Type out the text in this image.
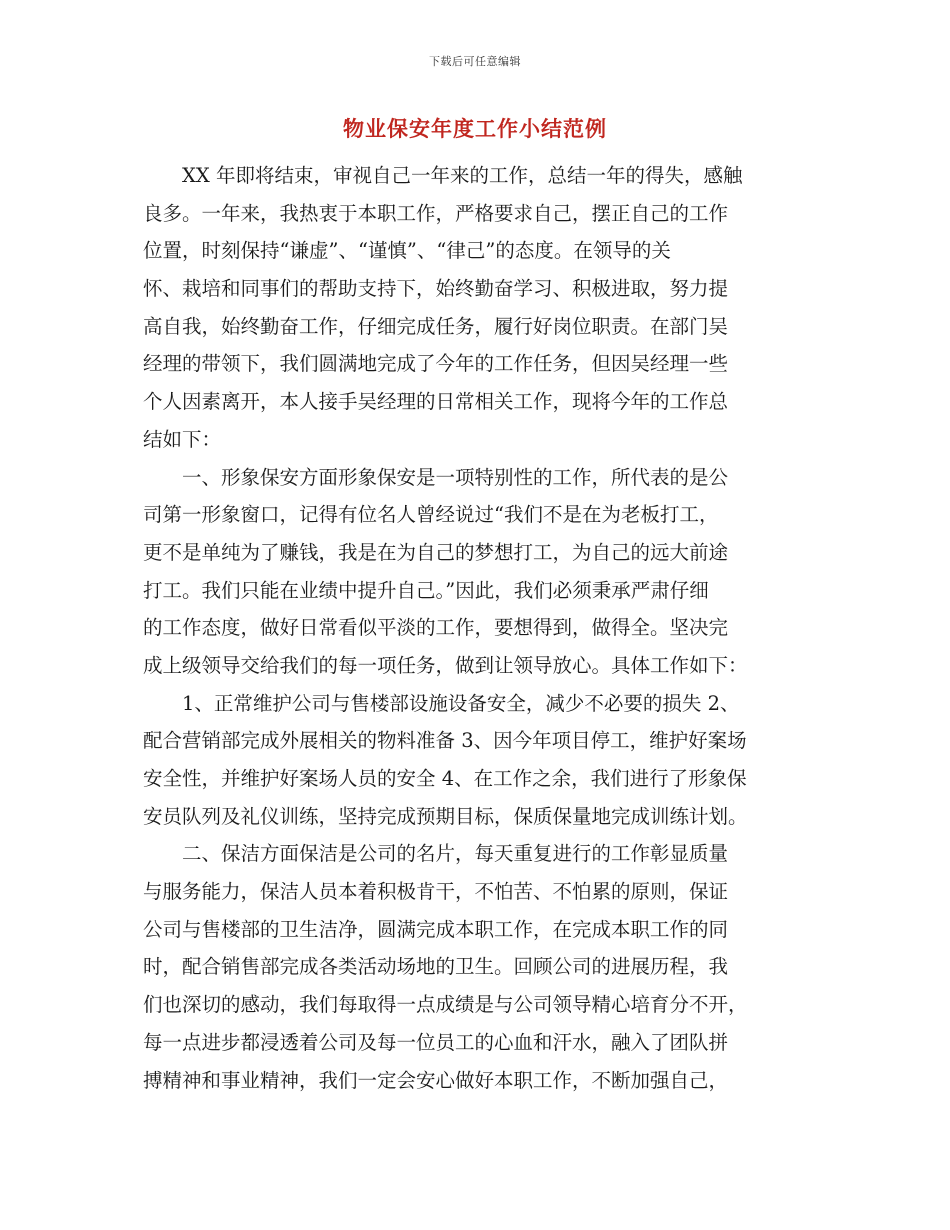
下载后可任意编辑
物业保安年度工作小结范例
XX 年即将结束，审视自己一年来的工作，总结一年的得失，感触
良多。一年来，我热衷于本职工作，严格要求自己，摆正自己的工作
位置，时刻保持“谦虚”、“谨慎”、“律己”的态度。在领导的关
怀、栽培和同事们的帮助支持下，始终勤奋学习、积极进取，努力提
高自我，始终勤奋工作，仔细完成任务，履行好岗位职责。在部门吴
经理的带领下，我们圆满地完成了今年的工作任务，但因吴经理一些
个人因素离开，本人接手吴经理的日常相关工作，现将今年的工作总
结如下：
一、形象保安方面形象保安是一项特别性的工作，所代表的是公
司第一形象窗口，记得有位名人曾经说过“我们不是在为老板打工，
更不是单纯为了赚钱，我是在为自己的梦想打工，为自己的远大前途
打工。我们只能在业绩中提升自己。”因此，我们必须秉承严肃仔细
的工作态度，做好日常看似平淡的工作，要想得到，做得全。坚决完
成上级领导交给我们的每一项任务，做到让领导放心。具体工作如下：
1、正常维护公司与售楼部设施设备安全，减少不必要的损失 2、
配合营销部完成外展相关的物料准备 3、因今年项目停工，维护好案场
安全性，并维护好案场人员的安全 4、在工作之余，我们进行了形象保
安员队列及礼仪训练，坚持完成预期目标，保质保量地完成训练计划。
二、保洁方面保洁是公司的名片，每天重复进行的工作彰显质量
与服务能力，保洁人员本着积极肯干，不怕苦、不怕累的原则，保证
公司与售楼部的卫生洁净，圆满完成本职工作，在完成本职工作的同
时，配合销售部完成各类活动场地的卫生。回顾公司的进展历程，我
们也深切的感动，我们每取得一点成绩是与公司领导精心培育分不开，
每一点进步都浸透着公司及每一位员工的心血和汗水，融入了团队拼
搏精神和事业精神，我们一定会安心做好本职工作，不断加强自己，
